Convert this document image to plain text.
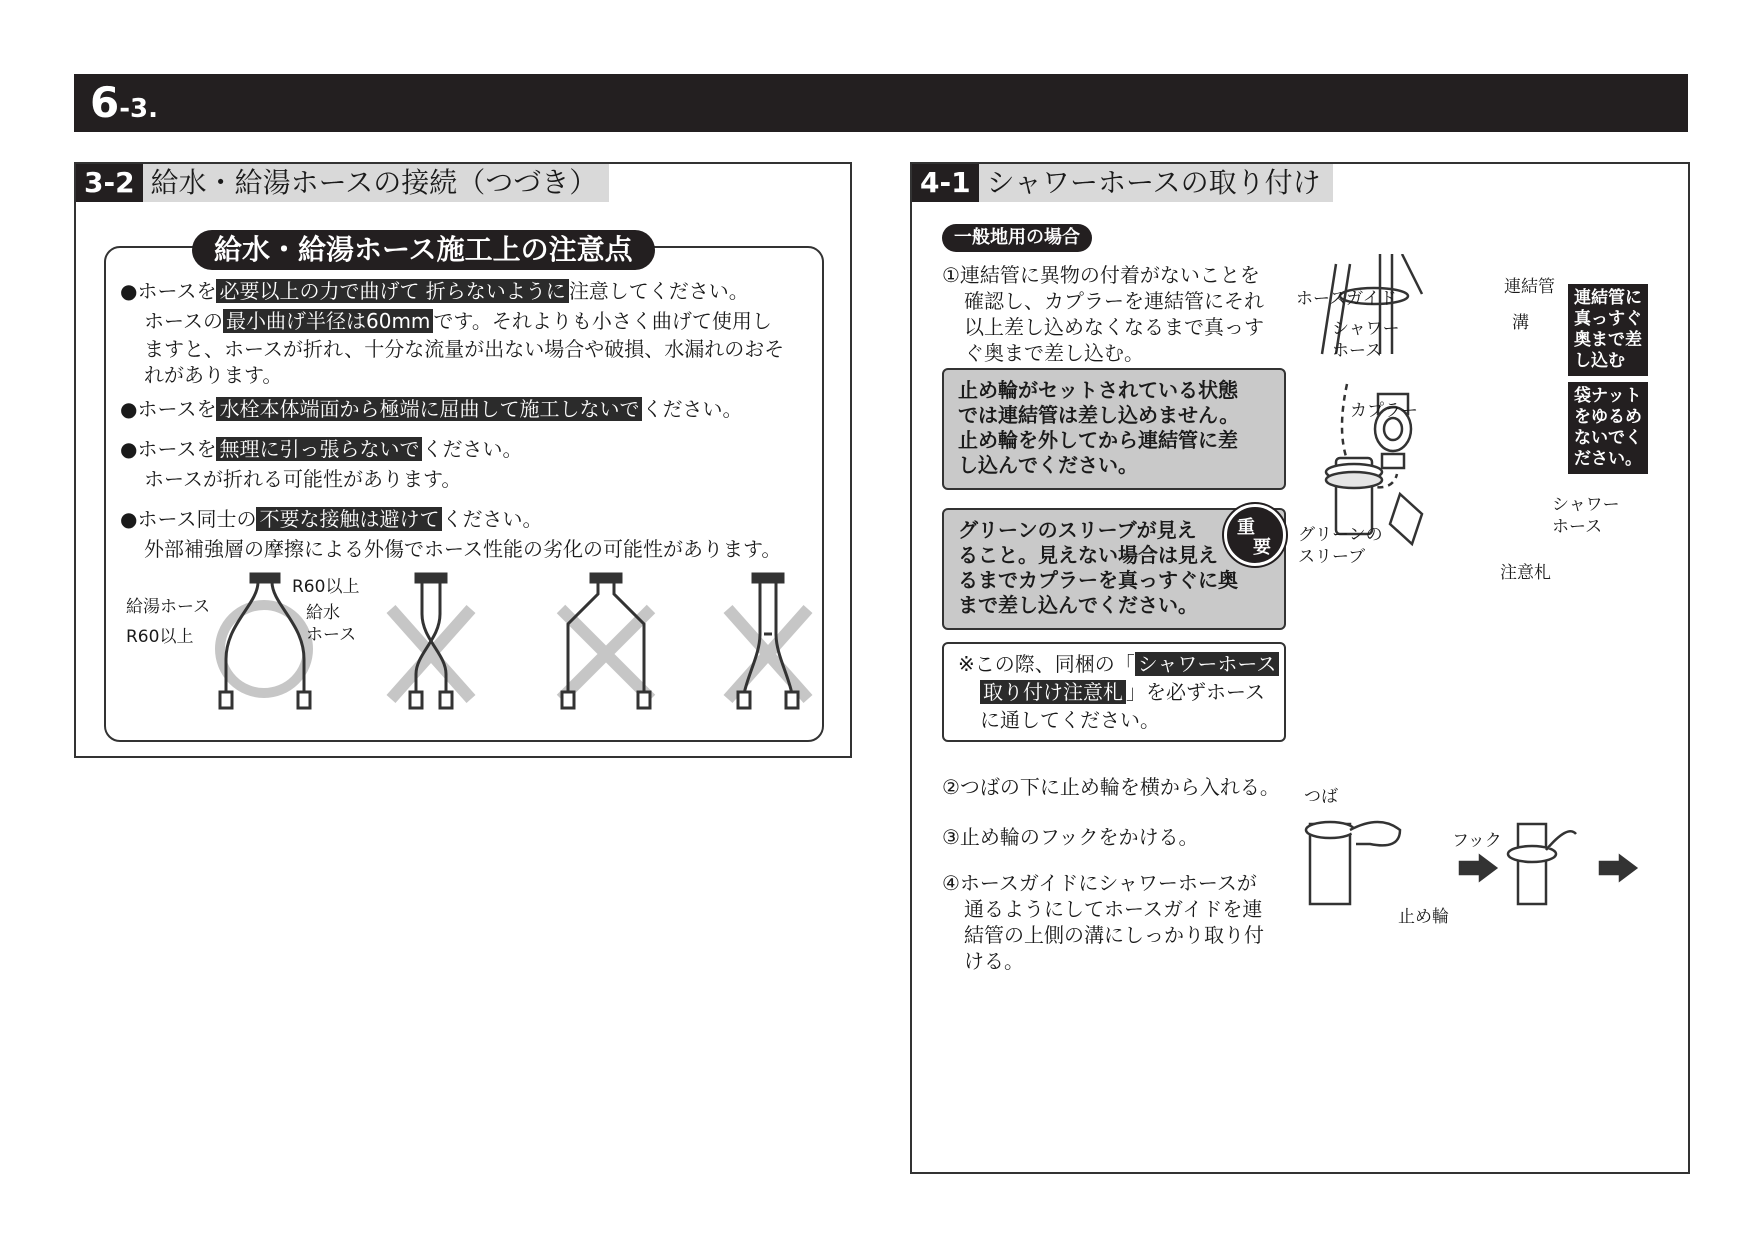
6-3.
3-2 給水・給湯ホースの接続（つづき）
給水・給湯ホース施工上の注意点
●ホースを 必要以上の力で曲げて 折らないように 注意してください。
ホースの 最小曲げ半径は60mm です。それよりも小さく曲げて使用し
ますと、ホースが折れ、十分な流量が出ない場合や破損、水漏れのおそ
れがあります。
●ホースを 水栓本体端面から極端に屈曲して施工しないで ください。
●ホースを 無理に引っ張らないで ください。
ホースが折れる可能性があります。
●ホース同士の 不要な接触は避けて ください。
外部補強層の摩擦による外傷でホース性能の劣化の可能性があります。
給湯ホース
R60以上
R60以上
給水
ホース
4-1 シャワーホースの取り付け
一般地用の場合
①連結管に異物の付着がないことを
確認し、カプラーを連結管にそれ
以上差し込めなくなるまで真っす
ぐ奥まで差し込む。
止め輪がセットされている状態
では連結管は差し込めません。
止め輪を外してから連結管に差
し込んでください。
グリーンのスリーブが見え
ること。見えない場合は見え
るまでカプラーを真っすぐに奥
まで差し込んでください。
重
要
※この際、同梱の「 シャワーホース
取り付け注意札 」を必ずホース
に通してください。
②つばの下に止め輪を横から入れる。
③止め輪のフックをかける。
④ホースガイドにシャワーホースが
通るようにしてホースガイドを連
結管の上側の溝にしっかり取り付
ける。
ホースガイド
シャワー
ホース
連結管
溝
カプラー
シャワー
ホース
グリーンの
スリーブ
注意札
連結管に
真っすぐ
奥まで差
し込む
袋ナット
をゆるめ
ないでく
ださい。
つば
フック
止め輪
